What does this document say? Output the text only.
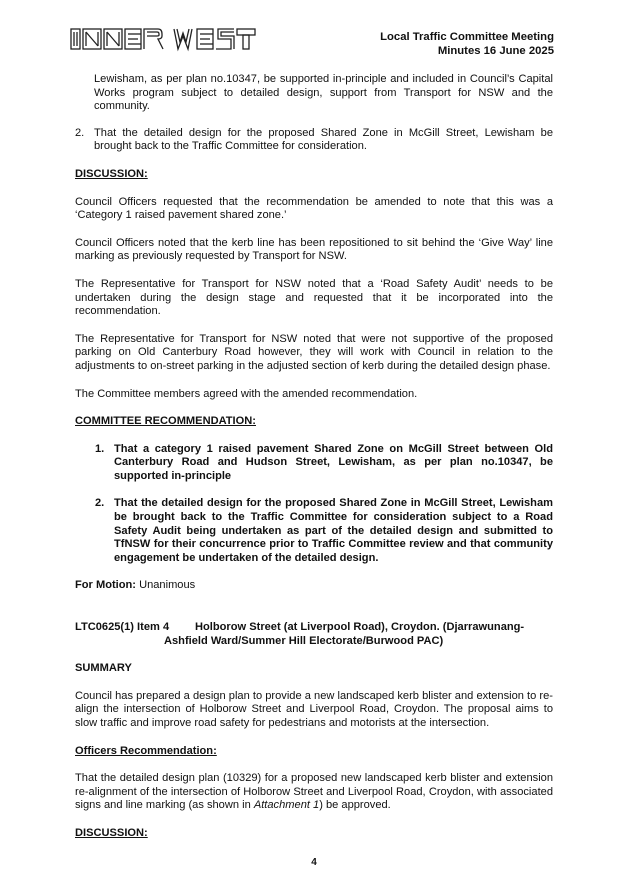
Local Traffic Committee Meeting
Minutes 16 June 2025

Lewisham, as per plan no.10347, be supported in-principle and included in Council’s Capital Works program subject to detailed design, support from Transport for NSW and the community.

2. That the detailed design for the proposed Shared Zone in McGill Street, Lewisham be brought back to the Traffic Committee for consideration.

DISCUSSION:

Council Officers requested that the recommendation be amended to note that this was a ‘Category 1 raised pavement shared zone.’

Council Officers noted that the kerb line has been repositioned to sit behind the ‘Give Way’ line marking as previously requested by Transport for NSW.

The Representative for Transport for NSW noted that a ‘Road Safety Audit’ needs to be undertaken during the design stage and requested that it be incorporated into the recommendation.

The Representative for Transport for NSW noted that were not supportive of the proposed parking on Old Canterbury Road however, they will work with Council in relation to the adjustments to on-street parking in the adjusted section of kerb during the detailed design phase.

The Committee members agreed with the amended recommendation.

COMMITTEE RECOMMENDATION:

1. That a category 1 raised pavement Shared Zone on McGill Street between Old Canterbury Road and Hudson Street, Lewisham, as per plan no.10347, be supported in-principle
2. That the detailed design for the proposed Shared Zone in McGill Street, Lewisham be brought back to the Traffic Committee for consideration subject to a Road Safety Audit being undertaken as part of the detailed design and submitted to TfNSW for their concurrence prior to Traffic Committee review and that community engagement be undertaken of the detailed design.

For Motion: Unanimous

LTC0625(1) Item 4	Holborow Street (at Liverpool Road), Croydon. (Djarrawunang-
Ashfield Ward/Summer Hill Electorate/Burwood PAC)

SUMMARY

Council has prepared a design plan to provide a new landscaped kerb blister and extension to re-align the intersection of Holborow Street and Liverpool Road, Croydon. The proposal aims to slow traffic and improve road safety for pedestrians and motorists at the intersection.

Officers Recommendation:

That the detailed design plan (10329) for a proposed new landscaped kerb blister and extension re-alignment of the intersection of Holborow Street and Liverpool Road, Croydon, with associated signs and line marking (as shown in Attachment 1) be approved.

DISCUSSION:

4
